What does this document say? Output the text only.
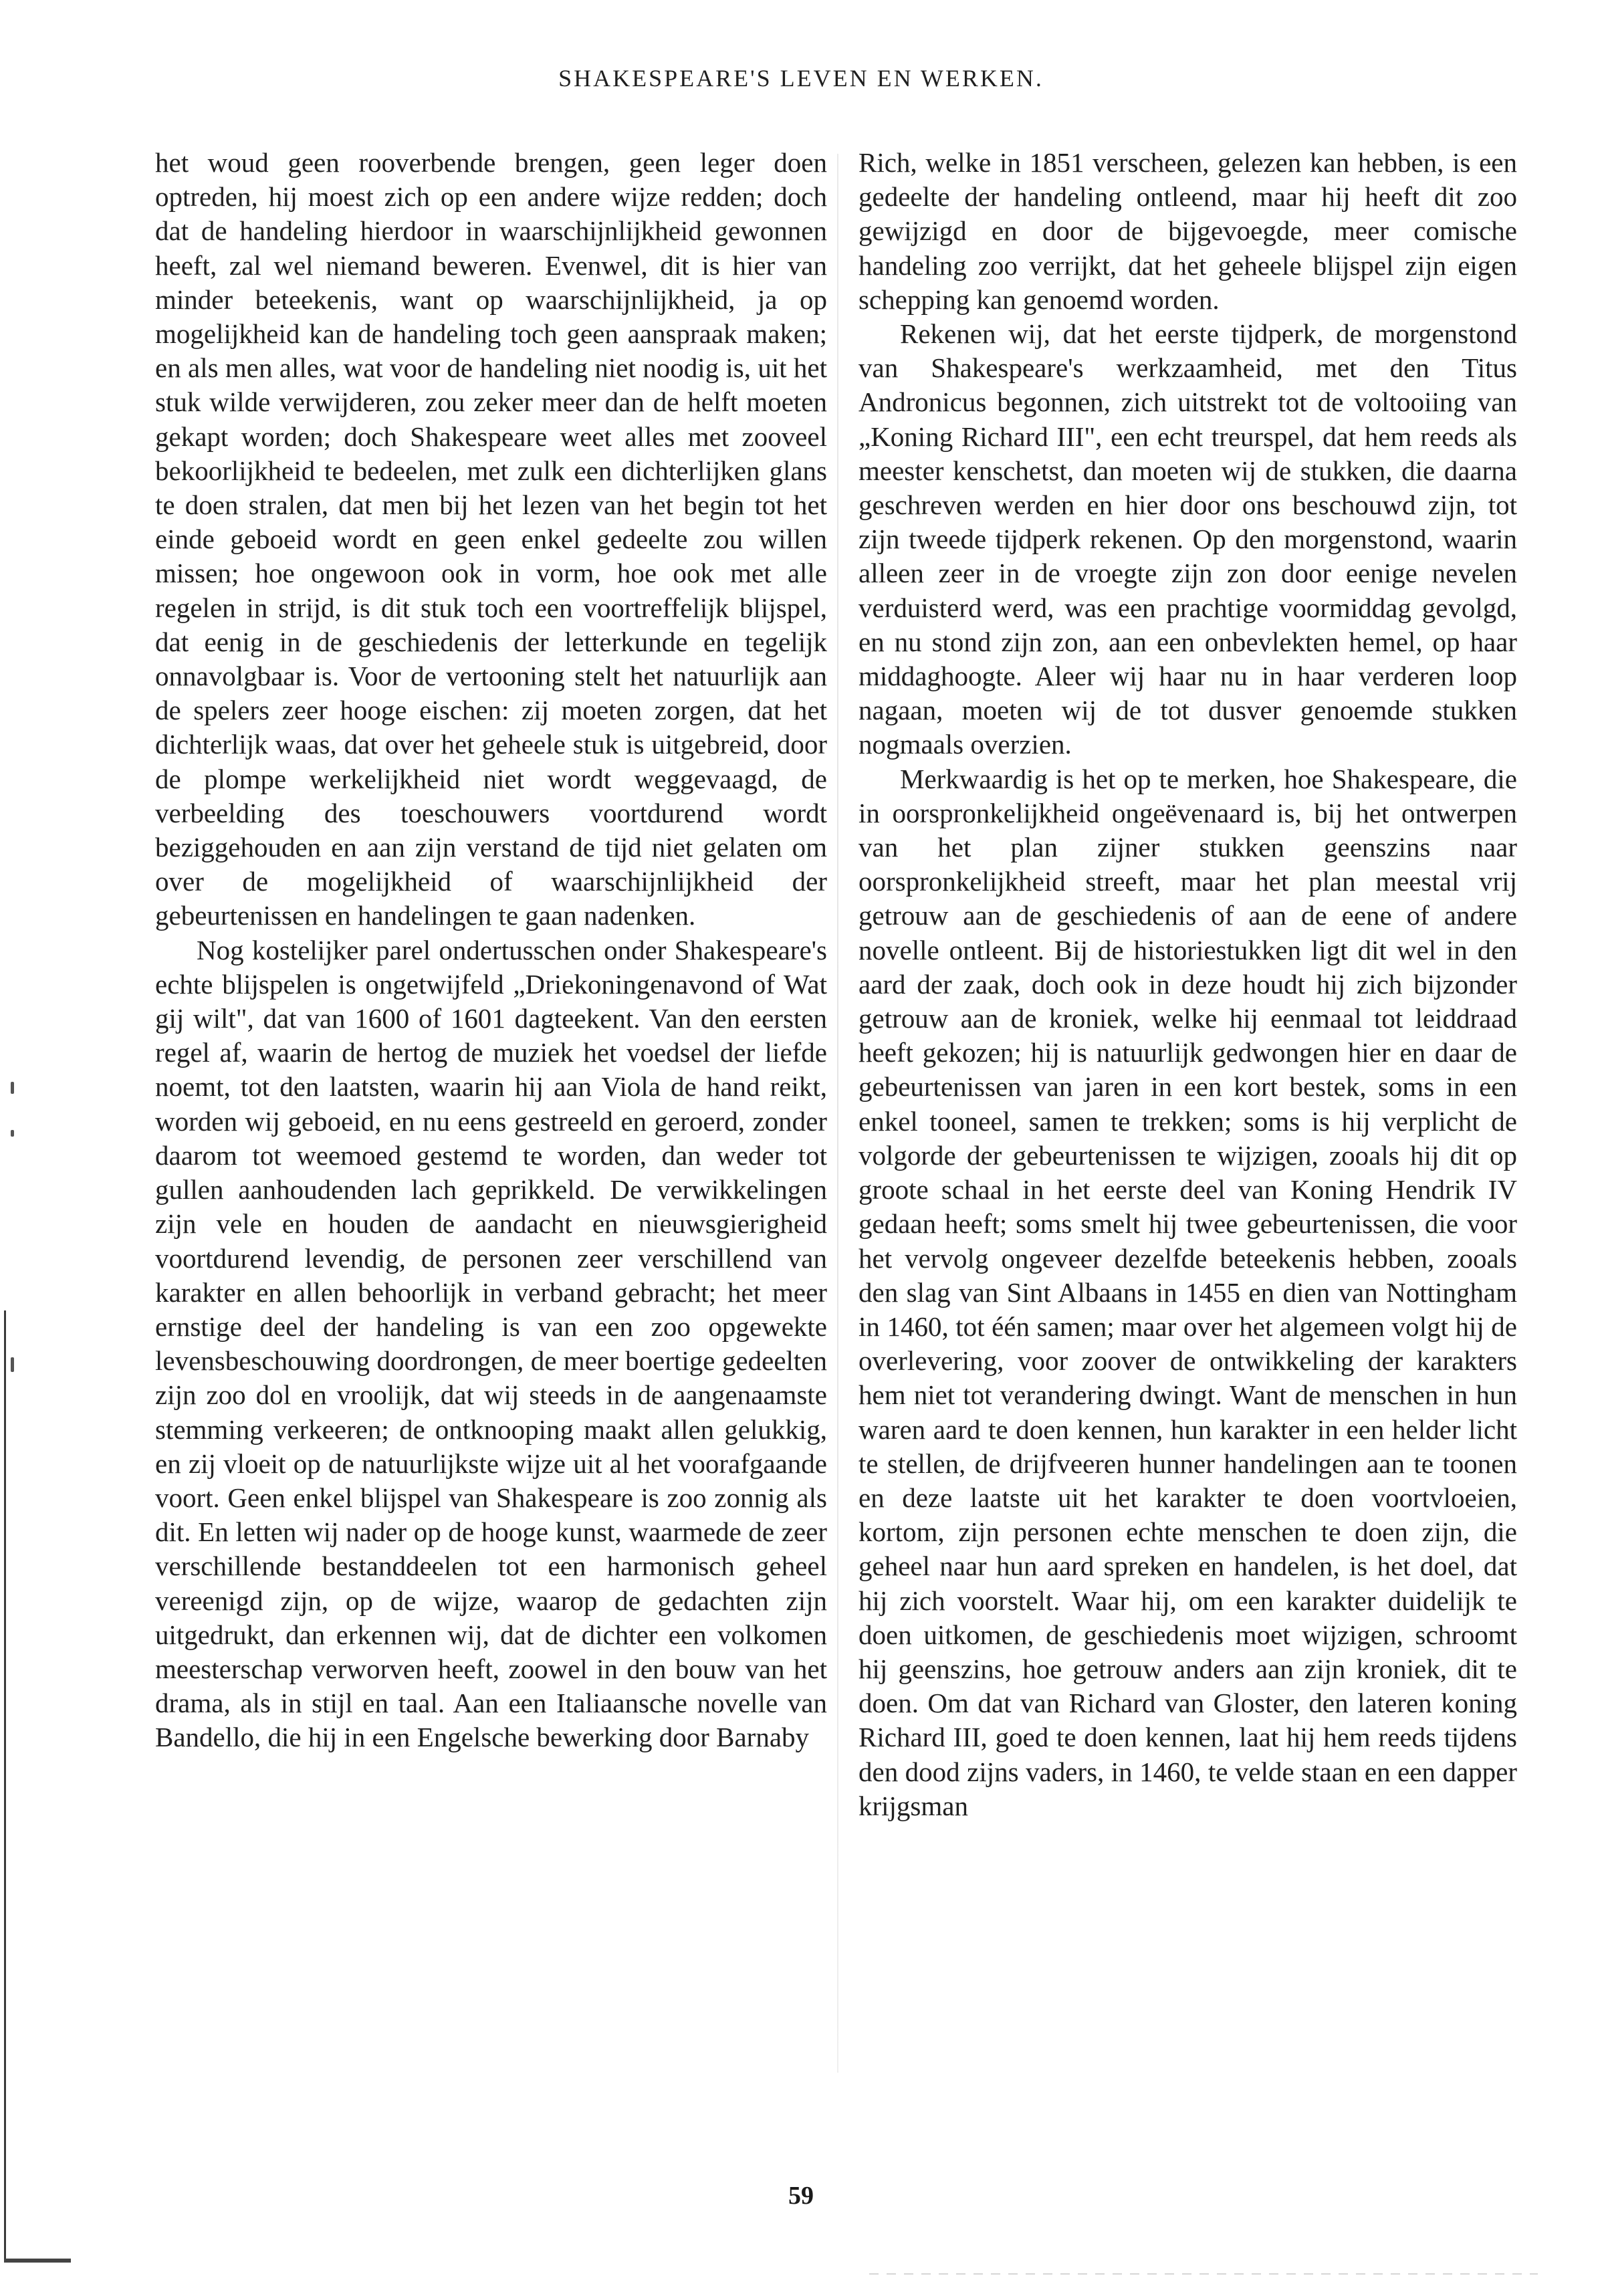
SHAKESPEARE'S LEVEN EN WERKEN.

het woud geen rooverbende brengen, geen leger doen optreden, hij moest zich op een andere wijze redden; doch dat de handeling hierdoor in waarschijnlijkheid gewonnen heeft, zal wel niemand beweren. Evenwel, dit is hier van minder beteekenis, want op waarschijnlijkheid, ja op mogelijkheid kan de handeling toch geen aanspraak maken; en als men alles, wat voor de handeling niet noodig is, uit het stuk wilde verwijderen, zou zeker meer dan de helft moeten gekapt worden; doch Shakespeare weet alles met zooveel bekoorlijkheid te bedeelen, met zulk een dichterlijken glans te doen stralen, dat men bij het lezen van het begin tot het einde geboeid wordt en geen enkel gedeelte zou willen missen; hoe ongewoon ook in vorm, hoe ook met alle regelen in strijd, is dit stuk toch een voortreffelijk blijspel, dat eenig in de geschiedenis der letterkunde en tegelijk onnavolgbaar is. Voor de vertooning stelt het natuurlijk aan de spelers zeer hooge eischen: zij moeten zorgen, dat het dichterlijk waas, dat over het geheele stuk is uitgebreid, door de plompe werkelijkheid niet wordt weggevaagd, de verbeelding des toeschouwers voortdurend wordt beziggehouden en aan zijn verstand de tijd niet gelaten om over de mogelijkheid of waarschijnlijkheid der gebeurtenissen en handelingen te gaan nadenken.

Nog kostelijker parel ondertusschen onder Shakespeare's echte blijspelen is ongetwijfeld „Driekoningenavond of Wat gij wilt", dat van 1600 of 1601 dagteekent. Van den eersten regel af, waarin de hertog de muziek het voedsel der liefde noemt, tot den laatsten, waarin hij aan Viola de hand reikt, worden wij geboeid, en nu eens gestreeld en geroerd, zonder daarom tot weemoed gestemd te worden, dan weder tot gullen aanhoudenden lach geprikkeld. De verwikkelingen zijn vele en houden de aandacht en nieuwsgierigheid voortdurend levendig, de personen zeer verschillend van karakter en allen behoorlijk in verband gebracht; het meer ernstige deel der handeling is van een zoo opgewekte levensbeschouwing doordrongen, de meer boertige gedeelten zijn zoo dol en vroolijk, dat wij steeds in de aangenaamste stemming verkeeren; de ontknooping maakt allen gelukkig, en zij vloeit op de natuurlijkste wijze uit al het voorafgaande voort. Geen enkel blijspel van Shakespeare is zoo zonnig als dit. En letten wij nader op de hooge kunst, waarmede de zeer verschillende bestanddeelen tot een harmonisch geheel vereenigd zijn, op de wijze, waarop de gedachten zijn uitgedrukt, dan erkennen wij, dat de dichter een volkomen meesterschap verworven heeft, zoowel in den bouw van het drama, als in stijl en taal. Aan een Italiaansche novelle van Bandello, die hij in een Engelsche bewerking door Barnaby

Rich, welke in 1851 verscheen, gelezen kan hebben, is een gedeelte der handeling ontleend, maar hij heeft dit zoo gewijzigd en door de bijgevoegde, meer comische handeling zoo verrijkt, dat het geheele blijspel zijn eigen schepping kan genoemd worden.

Rekenen wij, dat het eerste tijdperk, de morgenstond van Shakespeare's werkzaamheid, met den Titus Andronicus begonnen, zich uitstrekt tot de voltooiing van „Koning Richard III", een echt treurspel, dat hem reeds als meester kenschetst, dan moeten wij de stukken, die daarna geschreven werden en hier door ons beschouwd zijn, tot zijn tweede tijdperk rekenen. Op den morgenstond, waarin alleen zeer in de vroegte zijn zon door eenige nevelen verduisterd werd, was een prachtige voormiddag gevolgd, en nu stond zijn zon, aan een onbevlekten hemel, op haar middaghoogte. Aleer wij haar nu in haar verderen loop nagaan, moeten wij de tot dusver genoemde stukken nogmaals overzien.

Merkwaardig is het op te merken, hoe Shakespeare, die in oorspronkelijkheid ongeëvenaard is, bij het ontwerpen van het plan zijner stukken geenszins naar oorspronkelijkheid streeft, maar het plan meestal vrij getrouw aan de geschiedenis of aan de eene of andere novelle ontleent. Bij de historiestukken ligt dit wel in den aard der zaak, doch ook in deze houdt hij zich bijzonder getrouw aan de kroniek, welke hij eenmaal tot leiddraad heeft gekozen; hij is natuurlijk gedwongen hier en daar de gebeurtenissen van jaren in een kort bestek, soms in een enkel tooneel, samen te trekken; soms is hij verplicht de volgorde der gebeurtenissen te wijzigen, zooals hij dit op groote schaal in het eerste deel van Koning Hendrik IV gedaan heeft; soms smelt hij twee gebeurtenissen, die voor het vervolg ongeveer dezelfde beteekenis hebben, zooals den slag van Sint Albaans in 1455 en dien van Nottingham in 1460, tot één samen; maar over het algemeen volgt hij de overlevering, voor zoover de ontwikkeling der karakters hem niet tot verandering dwingt. Want de menschen in hun waren aard te doen kennen, hun karakter in een helder licht te stellen, de drijfveeren hunner handelingen aan te toonen en deze laatste uit het karakter te doen voortvloeien, kortom, zijn personen echte menschen te doen zijn, die geheel naar hun aard spreken en handelen, is het doel, dat hij zich voorstelt. Waar hij, om een karakter duidelijk te doen uitkomen, de geschiedenis moet wijzigen, schroomt hij geenszins, hoe getrouw anders aan zijn kroniek, dit te doen. Om dat van Richard van Gloster, den lateren koning Richard III, goed te doen kennen, laat hij hem reeds tijdens den dood zijns vaders, in 1460, te velde staan en een dapper krijgsman

59
